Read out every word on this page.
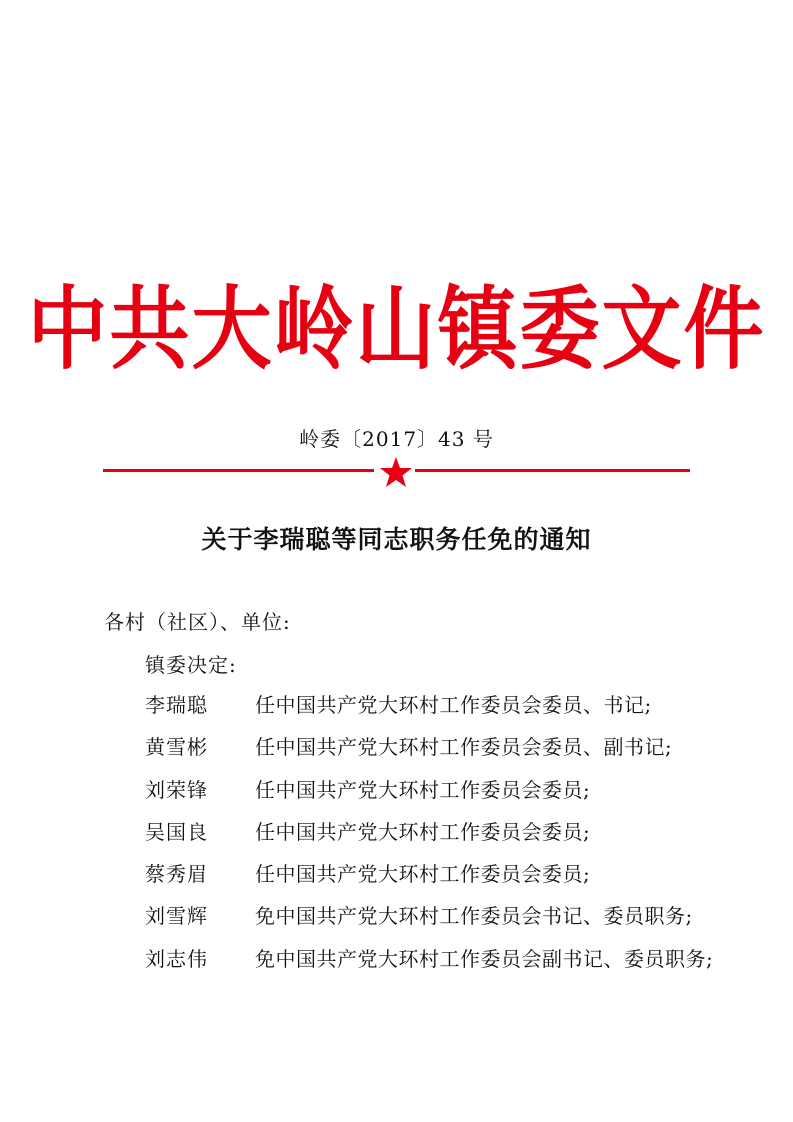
中共大岭山镇委文件
岭委〔2017〕43 号
关于李瑞聪等同志职务任免的通知
各村（社区）、单位:
镇委决定:
李瑞聪 任中国共产党大环村工作委员会委员、书记;
黄雪彬 任中国共产党大环村工作委员会委员、副书记;
刘荣锋 任中国共产党大环村工作委员会委员;
吴国良 任中国共产党大环村工作委员会委员;
蔡秀眉 任中国共产党大环村工作委员会委员;
刘雪辉 免中国共产党大环村工作委员会书记、委员职务;
刘志伟 免中国共产党大环村工作委员会副书记、委员职务;
